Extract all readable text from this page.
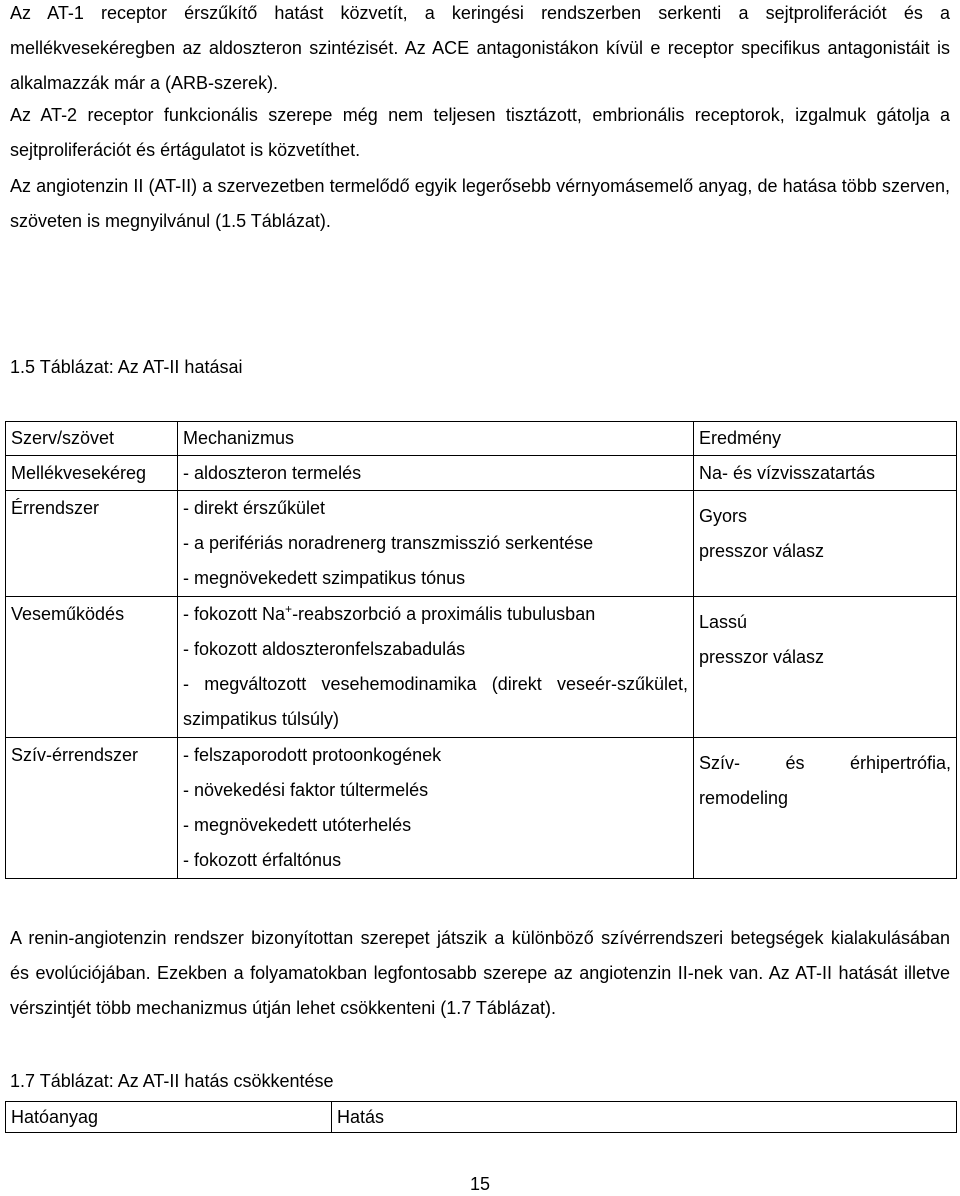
Az AT-1 receptor érszűkítő hatást közvetít, a keringési rendszerben serkenti a sejtproliferációt és a mellékvesekéregben az aldoszteron szintézisét. Az ACE antagonistákon kívül e receptor specifikus antagonistáit is alkalmazzák már a (ARB-szerek).

Az AT-2 receptor funkcionális szerepe még nem teljesen tisztázott, embrionális receptorok, izgalmuk gátolja a sejtproliferációt és értágulatot is közvetíthet.

Az angiotenzin II (AT-II) a szervezetben termelődő egyik legerősebb vérnyomásemelő anyag, de hatása több szerven, szöveten is megnyilvánul (1.5 Táblázat).

1.5 Táblázat: Az AT-II hatásai

Szerv/szövet	Mechanizmus	Eredmény
Mellékvesekéreg	- aldoszteron termelés	Na- és vízvisszatartás
Érrendszer	- direkt érszűkület
- a perifériás noradrenerg transzmisszió serkentése
- megnövekedett szimpatikus tónus	Gyors
presszor válasz

Veseműködés	- fokozott Na+-reabszorbció a proximális tubulusban
- fokozott aldoszteronfelszabadulás
- megváltozott vesehemodinamika (direkt veseér-szűkület, szimpatikus túlsúly)	Lassú
presszor válasz

Szív-érrendszer	- felszaporodott protoonkogének
- növekedési faktor túltermelés
- megnövekedett utóterhelés
- fokozott érfaltónus	Szív- és érhipertrófia, remodeling

A renin-angiotenzin rendszer bizonyítottan szerepet játszik a különböző szívérrendszeri betegségek kialakulásában és evolúciójában. Ezekben a folyamatokban legfontosabb szerepe az angiotenzin II-nek van. Az AT-II hatását illetve vérszintjét több mechanizmus útján lehet csökkenteni (1.7 Táblázat).

1.7 Táblázat: Az AT-II hatás csökkentése

Hatóanyag	Hatás

15
